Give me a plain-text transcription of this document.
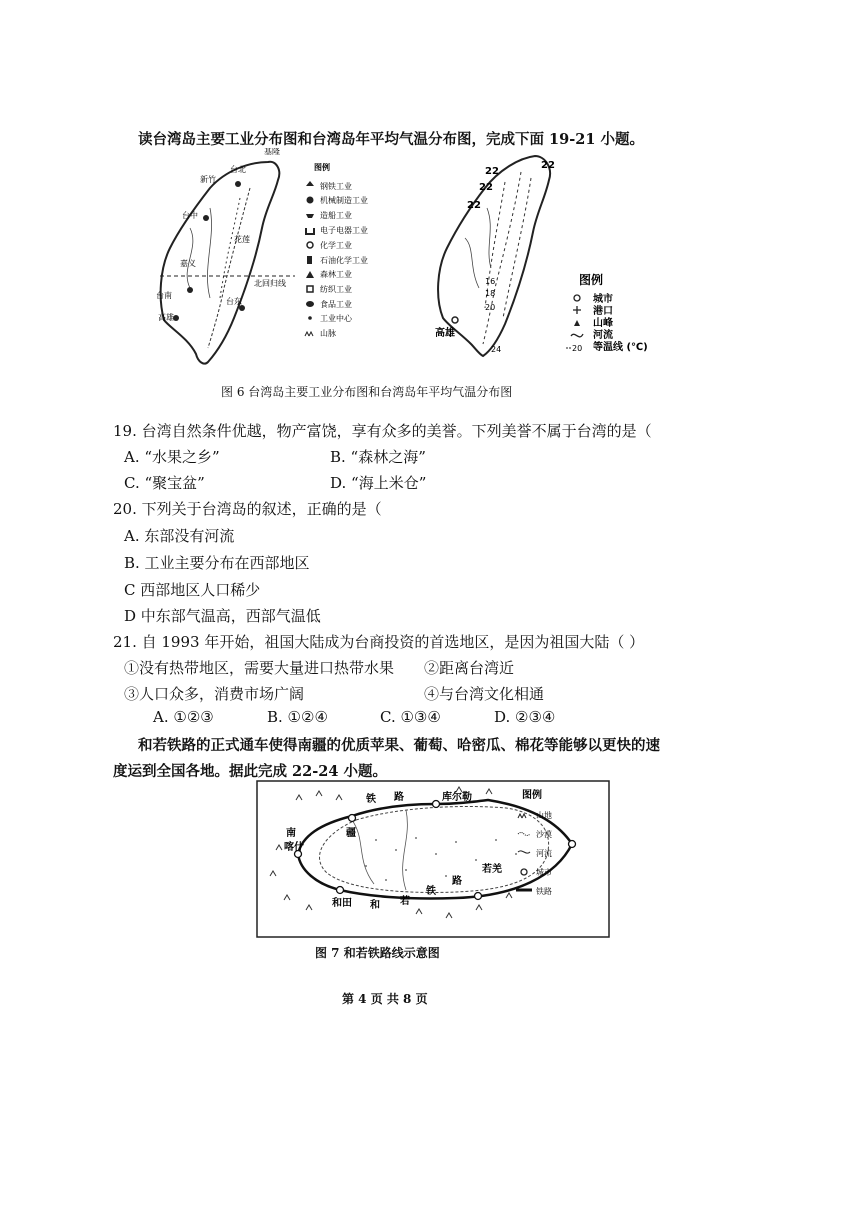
读台湾岛主要工业分布图和台湾岛年平均气温分布图，完成下面 19-21 小题。
基隆
台北
新竹
台中
花莲
嘉义
台南
高雄
台东
北回归线
图例
钢铁工业
机械制造工业
造船工业
电子电器工业
化学工业
石油化学工业
森林工业
纺织工业
食品工业
工业中心
山脉
22
22
22
22
16
18
20
24
高雄
图例
城市
港口
山峰
河流
20 等温线 (℃)
图 6 台湾岛主要工业分布图和台湾岛年平均气温分布图
19. 台湾自然条件优越，物产富饶，享有众多的美誉。下列美誉不属于台湾的是（
A. “水果之乡”	B. “森林之海”
C. “聚宝盆”	D. “海上米仓”
20. 下列关于台湾岛的叙述，正确的是（
A. 东部没有河流
B. 工业主要分布在西部地区
C 西部地区人口稀少
D 中东部气温高，西部气温低
21. 自 1993 年开始，祖国大陆成为台商投资的首选地区，是因为祖国大陆（ ）
①没有热带地区，需要大量进口热带水果 ②距离台湾近
③人口众多，消费市场广阔	④与台湾文化相通
A. ①②③	B. ①②④	C. ①③④	D. ②③④
和若铁路的正式通车使得南疆的优质苹果、葡萄、哈密瓜、棉花等能够以更快的速
度运到全国各地。据此完成 22-24 小题。
铁 路	库尔勒
疆
南
喀什
和田 和 若
铁
路
若羌
图例
山地
沙漠
河流
城市
铁路
图 7 和若铁路线示意图
第 4 页 共 8 页
